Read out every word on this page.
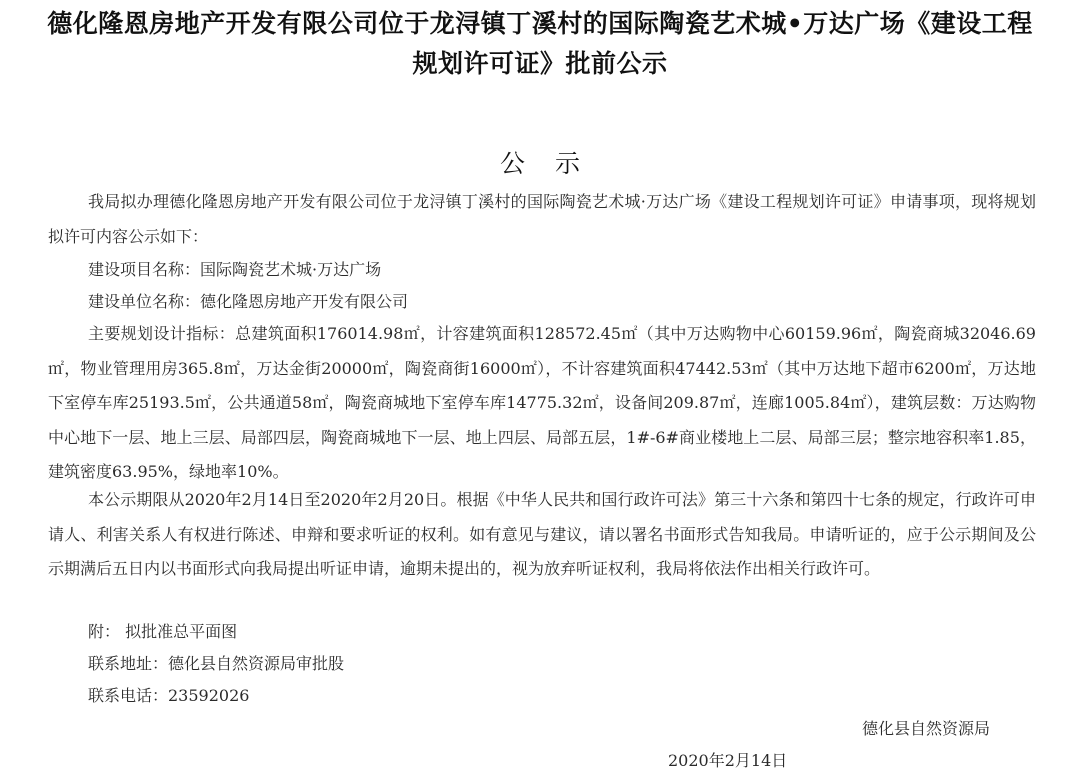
德化隆恩房地产开发有限公司位于龙浔镇丁溪村的国际陶瓷艺术城•万达广场《建设工程
规划许可证》批前公示
公示

我局拟办理德化隆恩房地产开发有限公司位于龙浔镇丁溪村的国际陶瓷艺术城·万达广场《建设工程规划许可证》申请事项，现将规划拟许可内容公示如下：

建设项目名称：国际陶瓷艺术城·万达广场
建设单位名称：德化隆恩房地产开发有限公司

主要规划设计指标：总建筑面积176014.98㎡，计容建筑面积128572.45㎡（其中万达购物中心60159.96㎡，陶瓷商城32046.69㎡，物业管理用房365.8㎡，万达金街20000㎡，陶瓷商街16000㎡），不计容建筑面积47442.53㎡（其中万达地下超市6200㎡，万达地下室停车库25193.5㎡，公共通道58㎡，陶瓷商城地下室停车库14775.32㎡，设备间209.87㎡，连廊1005.84㎡），建筑层数：万达购物中心地下一层、地上三层、局部四层，陶瓷商城地下一层、地上四层、局部五层，1#-6#商业楼地上二层、局部三层；整宗地容积率1.85，建筑密度63.95%，绿地率10%。

本公示期限从2020年2月14日至2020年2月20日。根据《中华人民共和国行政许可法》第三十六条和第四十七条的规定，行政许可申请人、利害关系人有权进行陈述、申辩和要求听证的权利。如有意见与建议，请以署名书面形式告知我局。申请听证的，应于公示期间及公示期满后五日内以书面形式向我局提出听证申请，逾期未提出的，视为放弃听证权利，我局将依法作出相关行政许可。

附： 拟批准总平面图
联系地址：德化县自然资源局审批股
联系电话：23592026
德化县自然资源局
2020年2月14日
